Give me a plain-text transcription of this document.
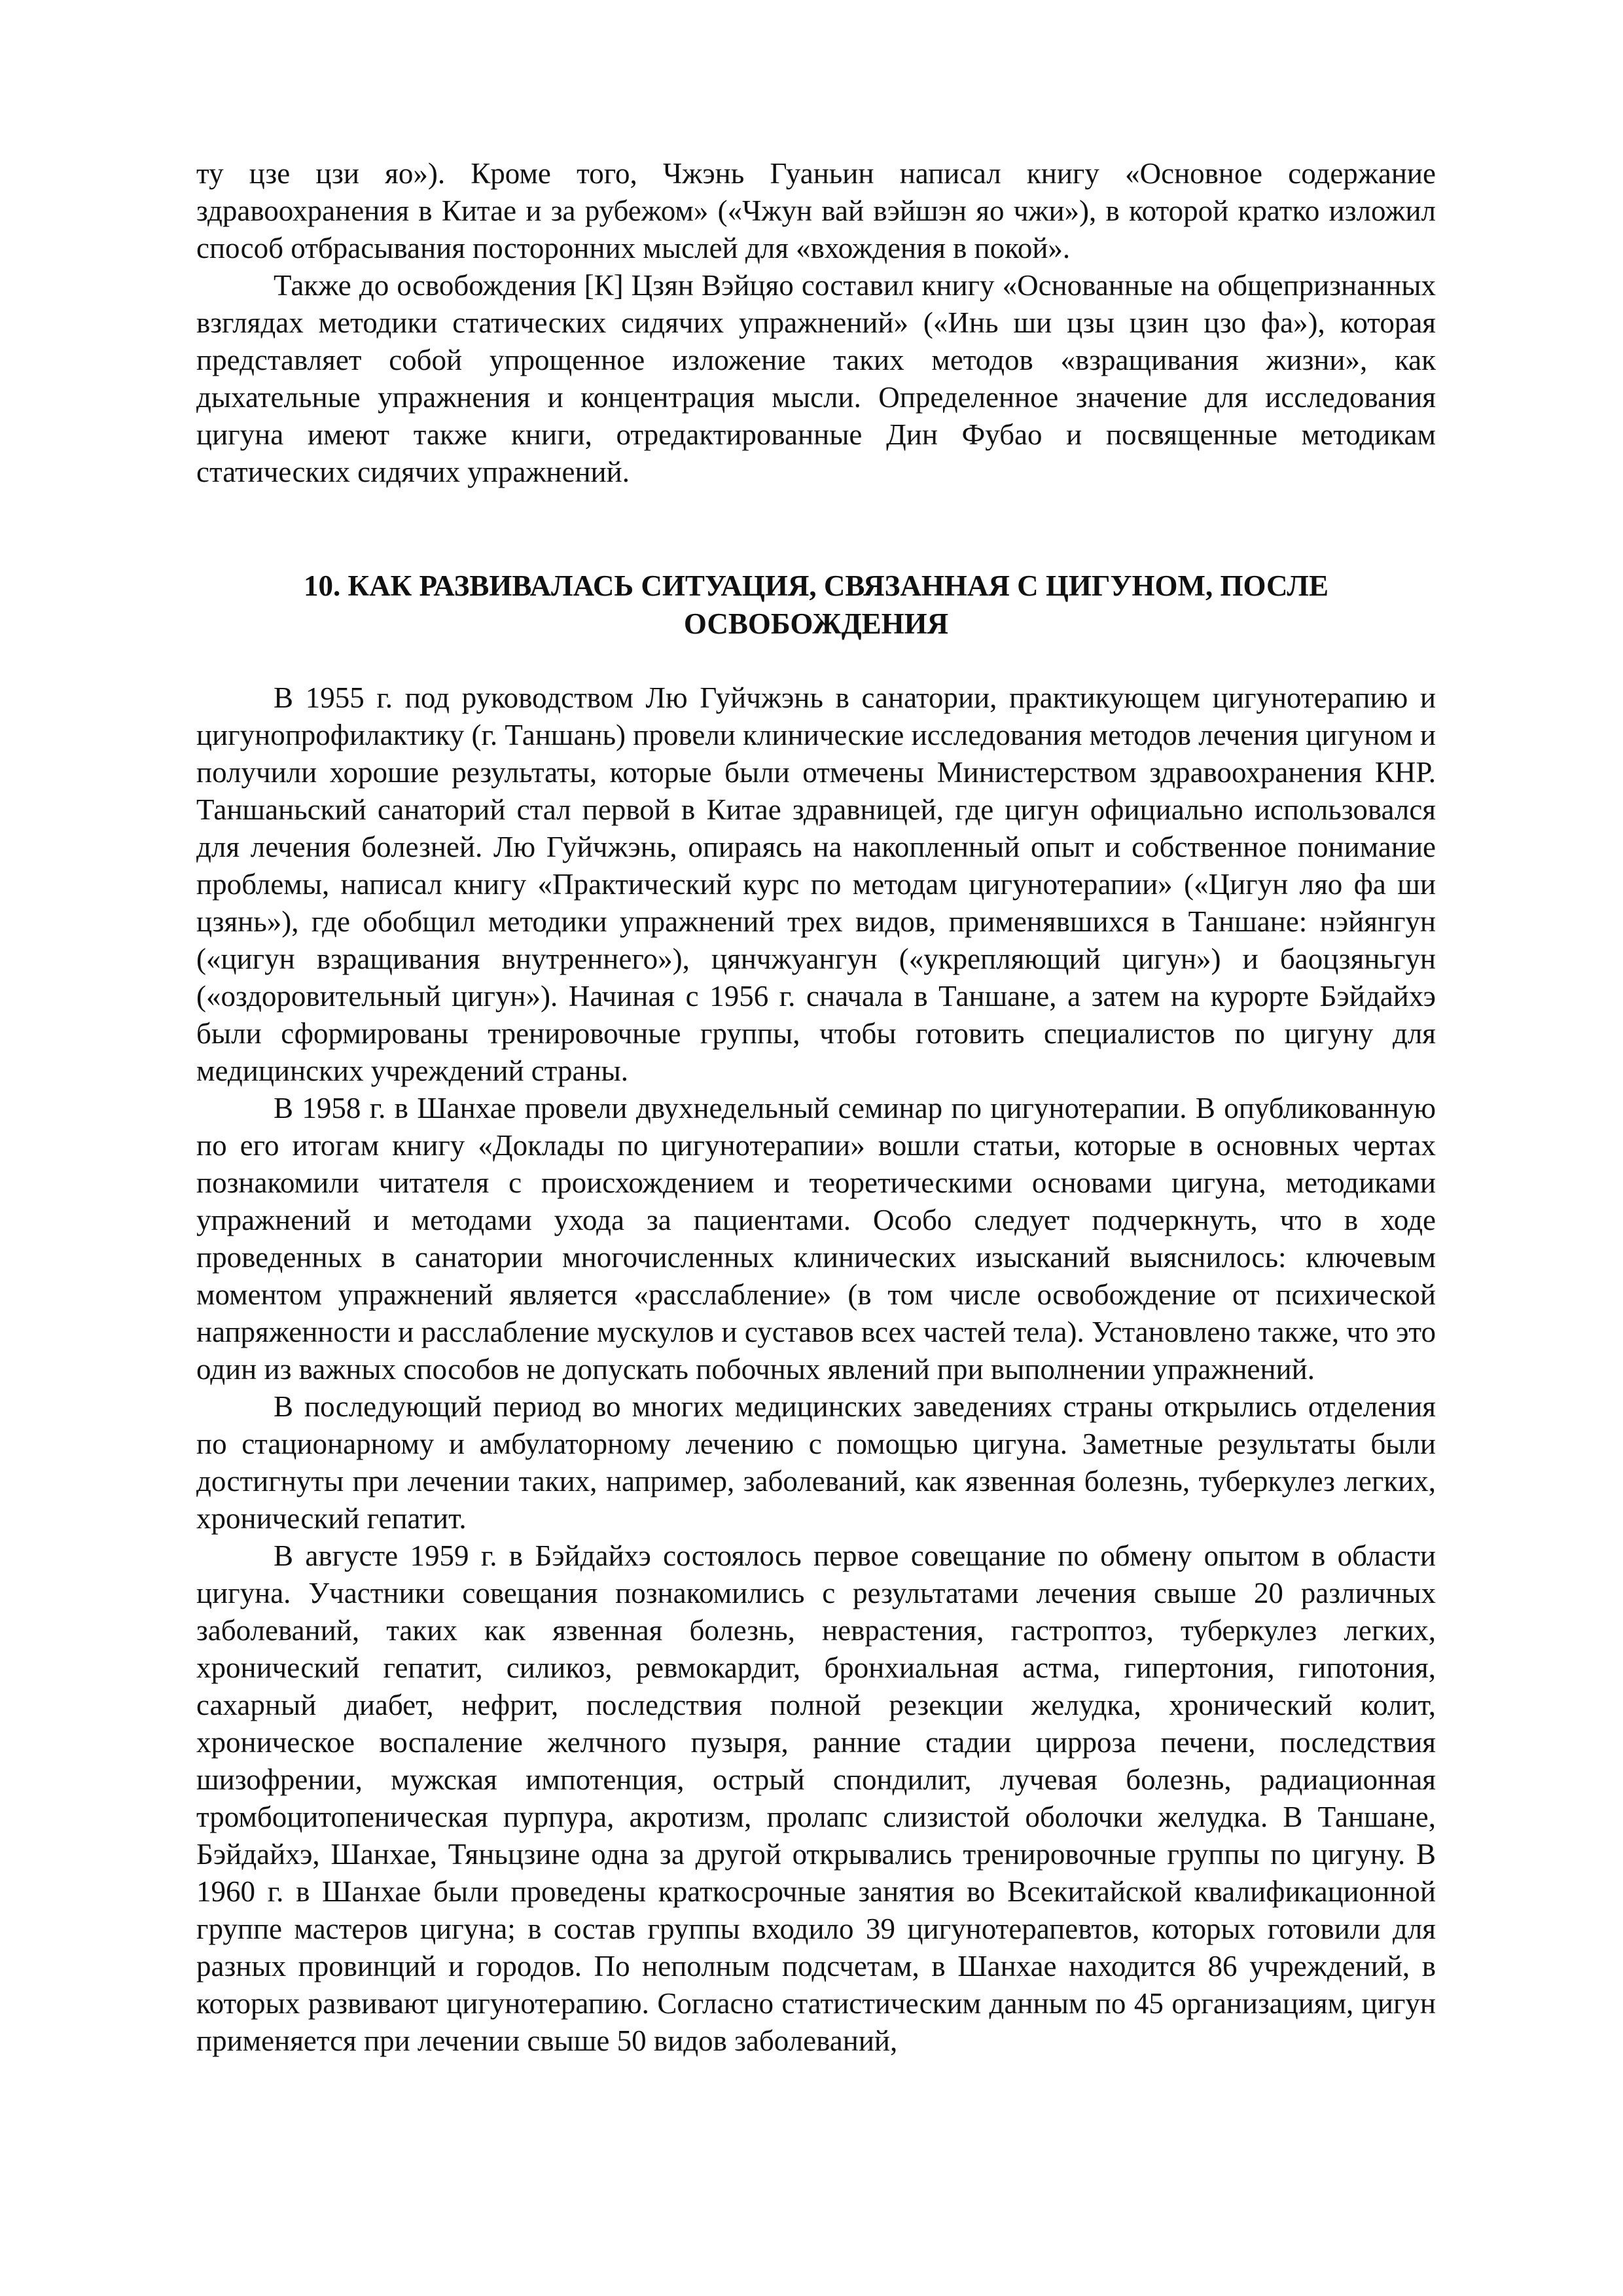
ту цзе цзи яо»). Кроме того, Чжэнь Гуаньин написал книгу «Основное содержание здравоохранения в Китае и за рубежом» («Чжун вай вэйшэн яо чжи»), в которой кратко изложил способ отбрасывания посторонних мыслей для «вхождения в покой».

Также до освобождения [К] Цзян Вэйцяо составил книгу «Основанные на общепризнанных взглядах методики статических сидячих упражнений» («Инь ши цзы цзин цзо фа»), которая представляет собой упрощенное изложение таких методов «взращивания жизни», как дыхательные упражнения и концентрация мысли. Определенное значение для исследования цигуна имеют также книги, отредактированные Дин Фубао и посвященные методикам статических сидячих упражнений.

10. КАК РАЗВИВАЛАСЬ СИТУАЦИЯ, СВЯЗАННАЯ С ЦИГУНОМ, ПОСЛЕ
ОСВОБОЖДЕНИЯ

В 1955 г. под руководством Лю Гуйчжэнь в санатории, практикующем цигунотерапию и цигунопрофилактику (г. Таншань) провели клинические исследования методов лечения цигуном и получили хорошие результаты, которые были отмечены Министерством здравоохранения КНР. Таншаньский санаторий стал первой в Китае здравницей, где цигун официально использовался для лечения болезней. Лю Гуйчжэнь, опираясь на накопленный опыт и собственное понимание проблемы, написал книгу «Практический курс по методам цигунотерапии» («Цигун ляо фа ши цзянь»), где обобщил методики упражнений трех видов, применявшихся в Таншане: нэйянгун («цигун взращивания внутреннего»), цянчжуангун («укрепляющий цигун») и баоцзяньгун («оздоровительный цигун»). Начиная с 1956 г. сначала в Таншане, а затем на курорте Бэйдайхэ были сформированы тренировочные группы, чтобы готовить специалистов по цигуну для медицинских учреждений страны.

В 1958 г. в Шанхае провели двухнедельный семинар по цигунотерапии. В опубликованную по его итогам книгу «Доклады по цигунотерапии» вошли статьи, которые в основных чертах познакомили читателя с происхождением и теоретическими основами цигуна, методиками упражнений и методами ухода за пациентами. Особо следует подчеркнуть, что в ходе проведенных в санатории многочисленных клинических изысканий выяснилось: ключевым моментом упражнений является «расслабление» (в том числе освобождение от психической напряженности и расслабление мускулов и суставов всех частей тела). Установлено также, что это один из важных способов не допускать побочных явлений при выполнении упражнений.

В последующий период во многих медицинских заведениях страны открылись отделения по стационарному и амбулаторному лечению с помощью цигуна. Заметные результаты были достигнуты при лечении таких, например, заболеваний, как язвенная болезнь, туберкулез легких, хронический гепатит.

В августе 1959 г. в Бэйдайхэ состоялось первое совещание по обмену опытом в области цигуна. Участники совещания познакомились с результатами лечения свыше 20 различных заболеваний, таких как язвенная болезнь, неврастения, гастроптоз, туберкулез легких, хронический гепатит, силикоз, ревмокардит, бронхиальная астма, гипертония, гипотония, сахарный диабет, нефрит, последствия полной резекции желудка, хронический колит, хроническое воспаление желчного пузыря, ранние стадии цирроза печени, последствия шизофрении, мужская импотенция, острый спондилит, лучевая болезнь, радиационная тромбоцитопеническая пурпура, акротизм, пролапс слизистой оболочки желудка. В Таншане, Бэйдайхэ, Шанхае, Тяньцзине одна за другой открывались тренировочные группы по цигуну. В 1960 г. в Шанхае были проведены краткосрочные занятия во Всекитайской квалификационной группе мастеров цигуна; в состав группы входило 39 цигунотерапевтов, которых готовили для разных провинций и городов. По неполным подсчетам, в Шанхае находится 86 учреждений, в которых развивают цигунотерапию. Согласно статистическим данным по 45 организациям, цигун применяется при лечении свыше 50 видов заболеваний,
